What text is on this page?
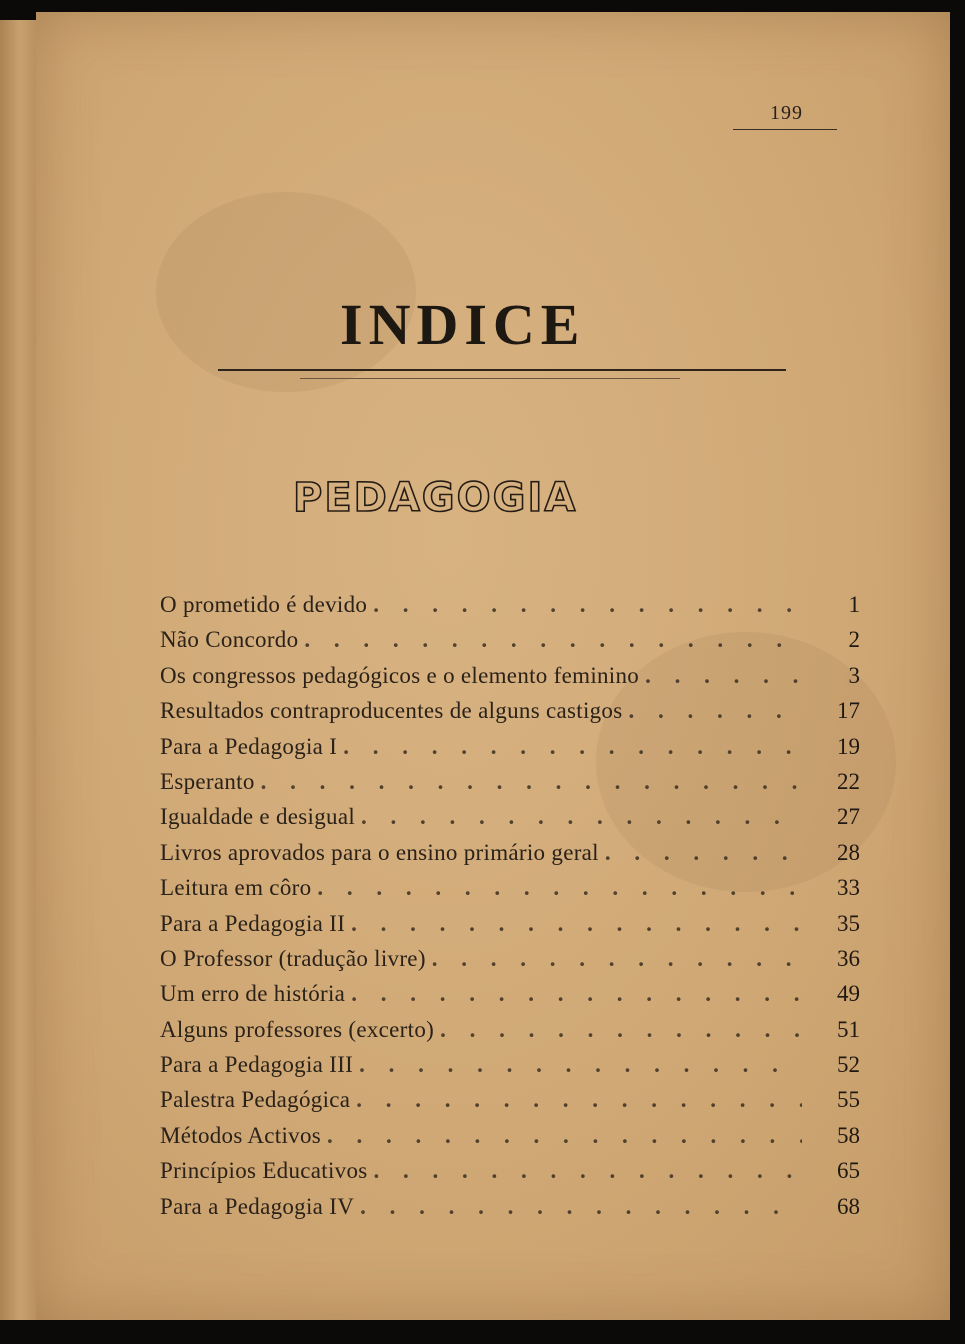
199
INDICE
PEDAGOGIA
O prometido é devido . . .	1
Não Concordo . . .	2
Os congressos pedagógicos e o elemento feminino . . .	3
Resultados contraproducentes de alguns castigos . . .	17
Para a Pedagogia I . . .	19
Esperanto . . .	22
Igualdade e desigual . . .	27
Livros aprovados para o ensino primário geral . . .	28
Leitura em côro . . .	33
Para a Pedagogia II . . .	35
O Professor (tradução livre) . . .	36
Um erro de história . . .	49
Alguns professores (excerto) . . .	51
Para a Pedagogia III . . .	52
Palestra Pedagógica . . .	55
Métodos Activos . . .	58
Princípios Educativos . . .	65
Para a Pedagogia IV . . .	68
